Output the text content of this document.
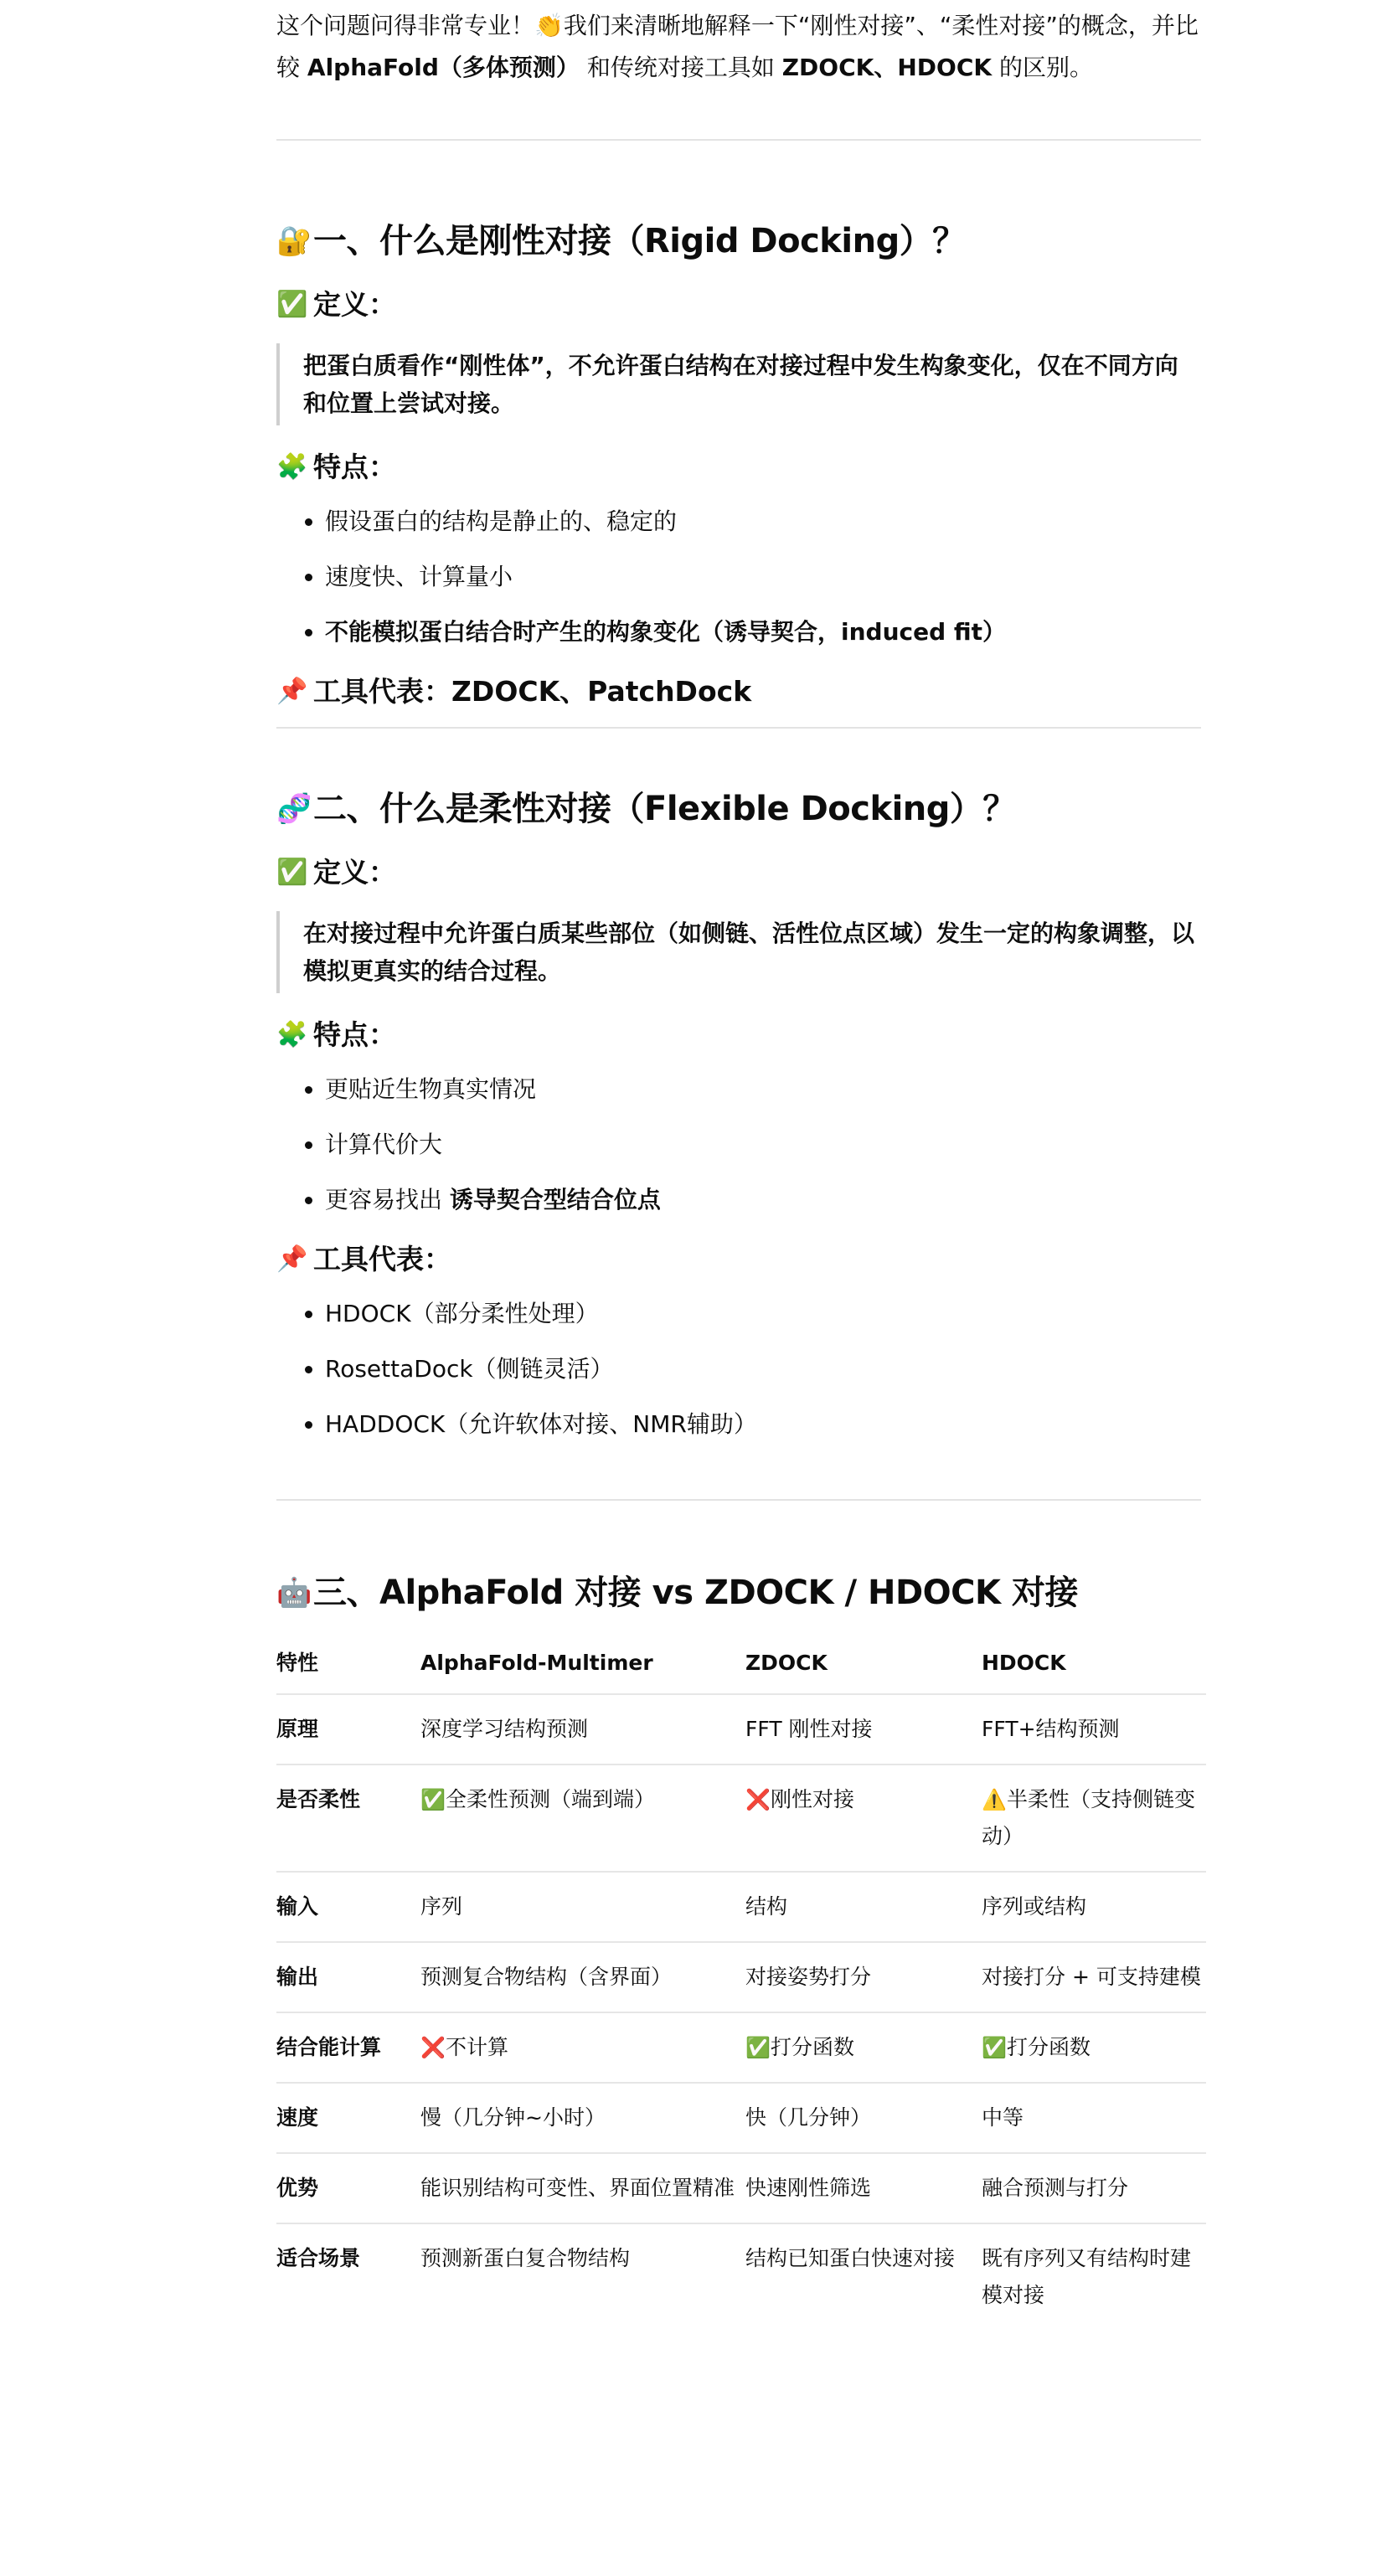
这个问题问得非常专业！👏我们来清晰地解释一下“刚性对接”、“柔性对接”的概念，并比较 AlphaFold（多体预测） 和传统对接工具如 ZDOCK、HDOCK 的区别。

🔐 一、什么是刚性对接（Rigid Docking）？
✅ 定义：
把蛋白质看作“刚性体”，不允许蛋白结构在对接过程中发生构象变化，仅在不同方向和位置上尝试对接。
🧩 特点：
• 假设蛋白的结构是静止的、稳定的
• 速度快、计算量小
• 不能模拟蛋白结合时产生的构象变化（诱导契合，induced fit）
📌 工具代表： ZDOCK、PatchDock
🧬 二、什么是柔性对接（Flexible Docking）？
✅ 定义：
在对接过程中允许蛋白质某些部位（如侧链、活性位点区域）发生一定的构象调整，以模拟更真实的结合过程。
🧩 特点：
• 更贴近生物真实情况
• 计算代价大
• 更容易找出 诱导契合型结合位点
📌 工具代表：
• HDOCK（部分柔性处理）
• RosettaDock（侧链灵活）
• HADDOCK（允许软体对接、NMR辅助）
🤖 三、AlphaFold 对接 vs ZDOCK / HDOCK 对接
特性	AlphaFold-Multimer	ZDOCK	HDOCK
原理	深度学习结构预测	FFT 刚性对接	FFT+结构预测
是否柔性	✅全柔性预测（端到端）	❌刚性对接	⚠️半柔性（支持侧链变动）
输入	序列	结构	序列或结构
输出	预测复合物结构（含界面）	对接姿势打分	对接打分 + 可支持建模
结合能计算	❌不计算	✅打分函数	✅打分函数
速度	慢（几分钟~小时）	快（几分钟）	中等
优势	能识别结构可变性、界面位置精准	快速刚性筛选	融合预测与打分
适合场景	预测新蛋白复合物结构	结构已知蛋白快速对接	既有序列又有结构时建模对接
